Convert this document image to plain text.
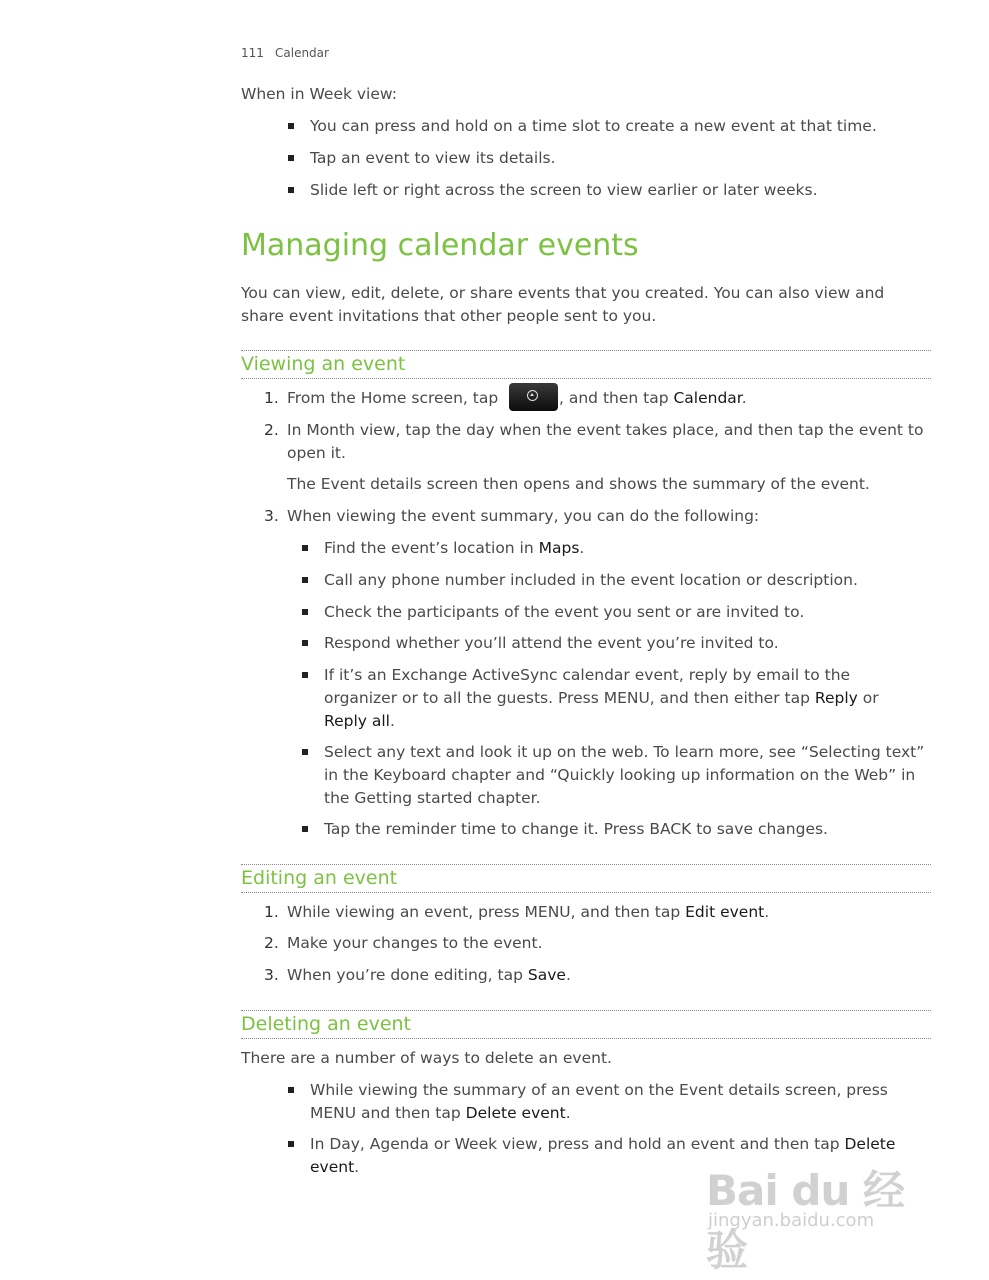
111 Calendar
When in Week view:
You can press and hold on a time slot to create a new event at that time.
Tap an event to view its details.
Slide left or right across the screen to view earlier or later weeks.
Managing calendar events
You can view, edit, delete, or share events that you created. You can also view and
share event invitations that other people sent to you.
Viewing an event
1. From the Home screen, tap	, and then tap Calendar.
2. In Month view, tap the day when the event takes place, and then tap the event to
open it.
The Event details screen then opens and shows the summary of the event.
3. When viewing the event summary, you can do the following:
Find the event’s location in Maps.
Call any phone number included in the event location or description.
Check the participants of the event you sent or are invited to.
Respond whether you’ll attend the event you’re invited to.
If it’s an Exchange ActiveSync calendar event, reply by email to the
organizer or to all the guests. Press MENU, and then either tap Reply or
Reply all.
Select any text and look it up on the web. To learn more, see “Selecting text”
in the Keyboard chapter and “Quickly looking up information on the Web” in
the Getting started chapter.
Tap the reminder time to change it. Press BACK to save changes.
Editing an event
1. While viewing an event, press MENU, and then tap Edit event.
2. Make your changes to the event.
3. When you’re done editing, tap Save.
Deleting an event
There are a number of ways to delete an event.
While viewing the summary of an event on the Event details screen, press
MENU and then tap Delete event.
In Day, Agenda or Week view, press and hold an event and then tap Delete
event.	Bai du 经验
jingyan.baidu.com
